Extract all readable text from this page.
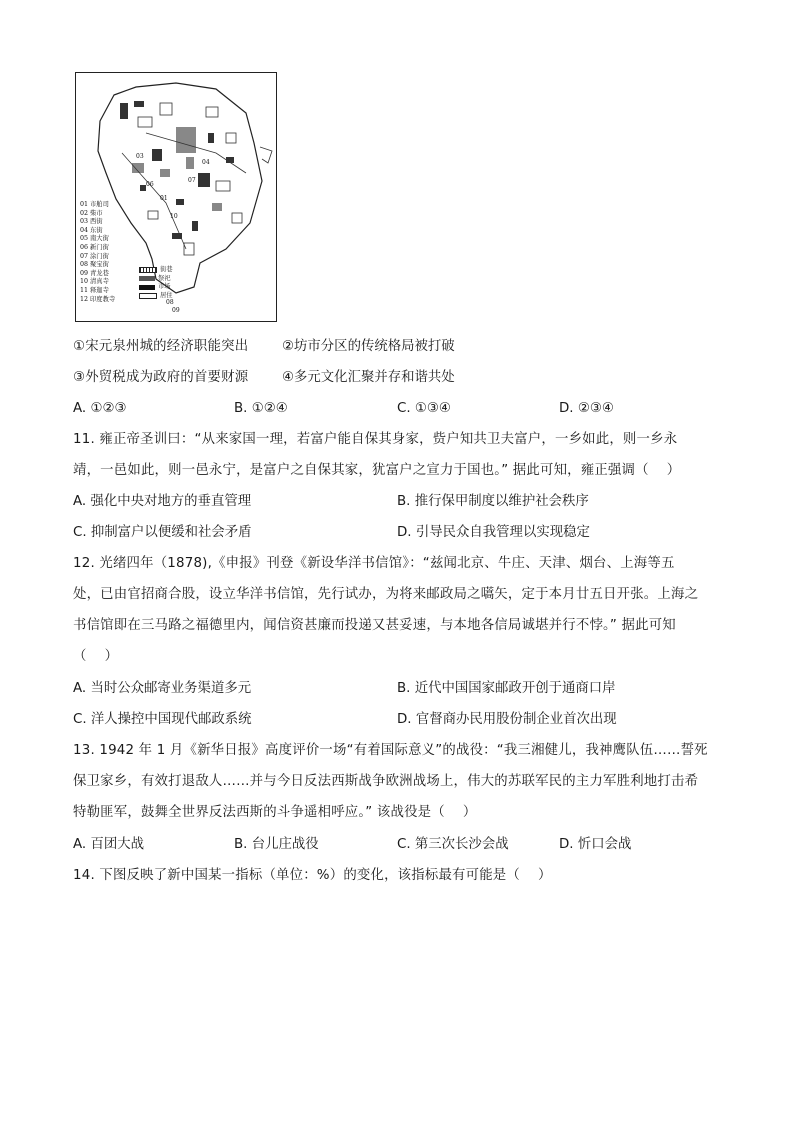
01 市舶司
02 柴市
03 西街
04 东街
05 南大街
06 新门街
07 涂门街
08 聚宝街
09 青龙巷
10 清真寺
11 释迦寺
12 印度教寺
街巷
祭祀
市场
居住
03
06
01
10
07
04
08
09
①宋元泉州城的经济职能突出	②坊市分区的传统格局被打破
③外贸税成为政府的首要财源	④多元文化汇聚并存和谐共处
A. ①②③	B. ①②④	C. ①③④	D. ②③④
11. 雍正帝圣训曰：“从来家国一理，若富户能自保其身家，赀户知共卫夫富户，一乡如此，则一乡永
靖，一邑如此，则一邑永宁，是富户之自保其家，犹富户之宣力于国也。” 据此可知，雍正强调（　 ）
A. 强化中央对地方的垂直管理	B. 推行保甲制度以维护社会秩序
C. 抑制富户以便缓和社会矛盾	D. 引导民众自我管理以实现稳定
12. 光绪四年（1878),《申报》刊登《新设华洋书信馆》：“兹闻北京、牛庄、天津、烟台、上海等五
处，已由官招商合股，设立华洋书信馆，先行试办，为将来邮政局之嚆矢，定于本月廿五日开张。上海之
书信馆即在三马路之福德里内，闻信资甚廉而投递又甚妥速，与本地各信局诚堪并行不悖。” 据此可知
（　 ）
A. 当时公众邮寄业务渠道多元	B. 近代中国国家邮政开创于通商口岸
C. 洋人操控中国现代邮政系统	D. 官督商办民用股份制企业首次出现
13. 1942 年 1 月《新华日报》高度评价一场“有着国际意义”的战役：“我三湘健儿，我神鹰队伍……誓死
保卫家乡，有效打退敌人……并与今日反法西斯战争欧洲战场上，伟大的苏联军民的主力军胜利地打击希
特勒匪军，鼓舞全世界反法西斯的斗争遥相呼应。” 该战役是（　 ）
A. 百团大战	B. 台儿庄战役	C. 第三次长沙会战	D. 忻口会战
14. 下图反映了新中国某一指标（单位：%）的变化，该指标最有可能是（　 ）
